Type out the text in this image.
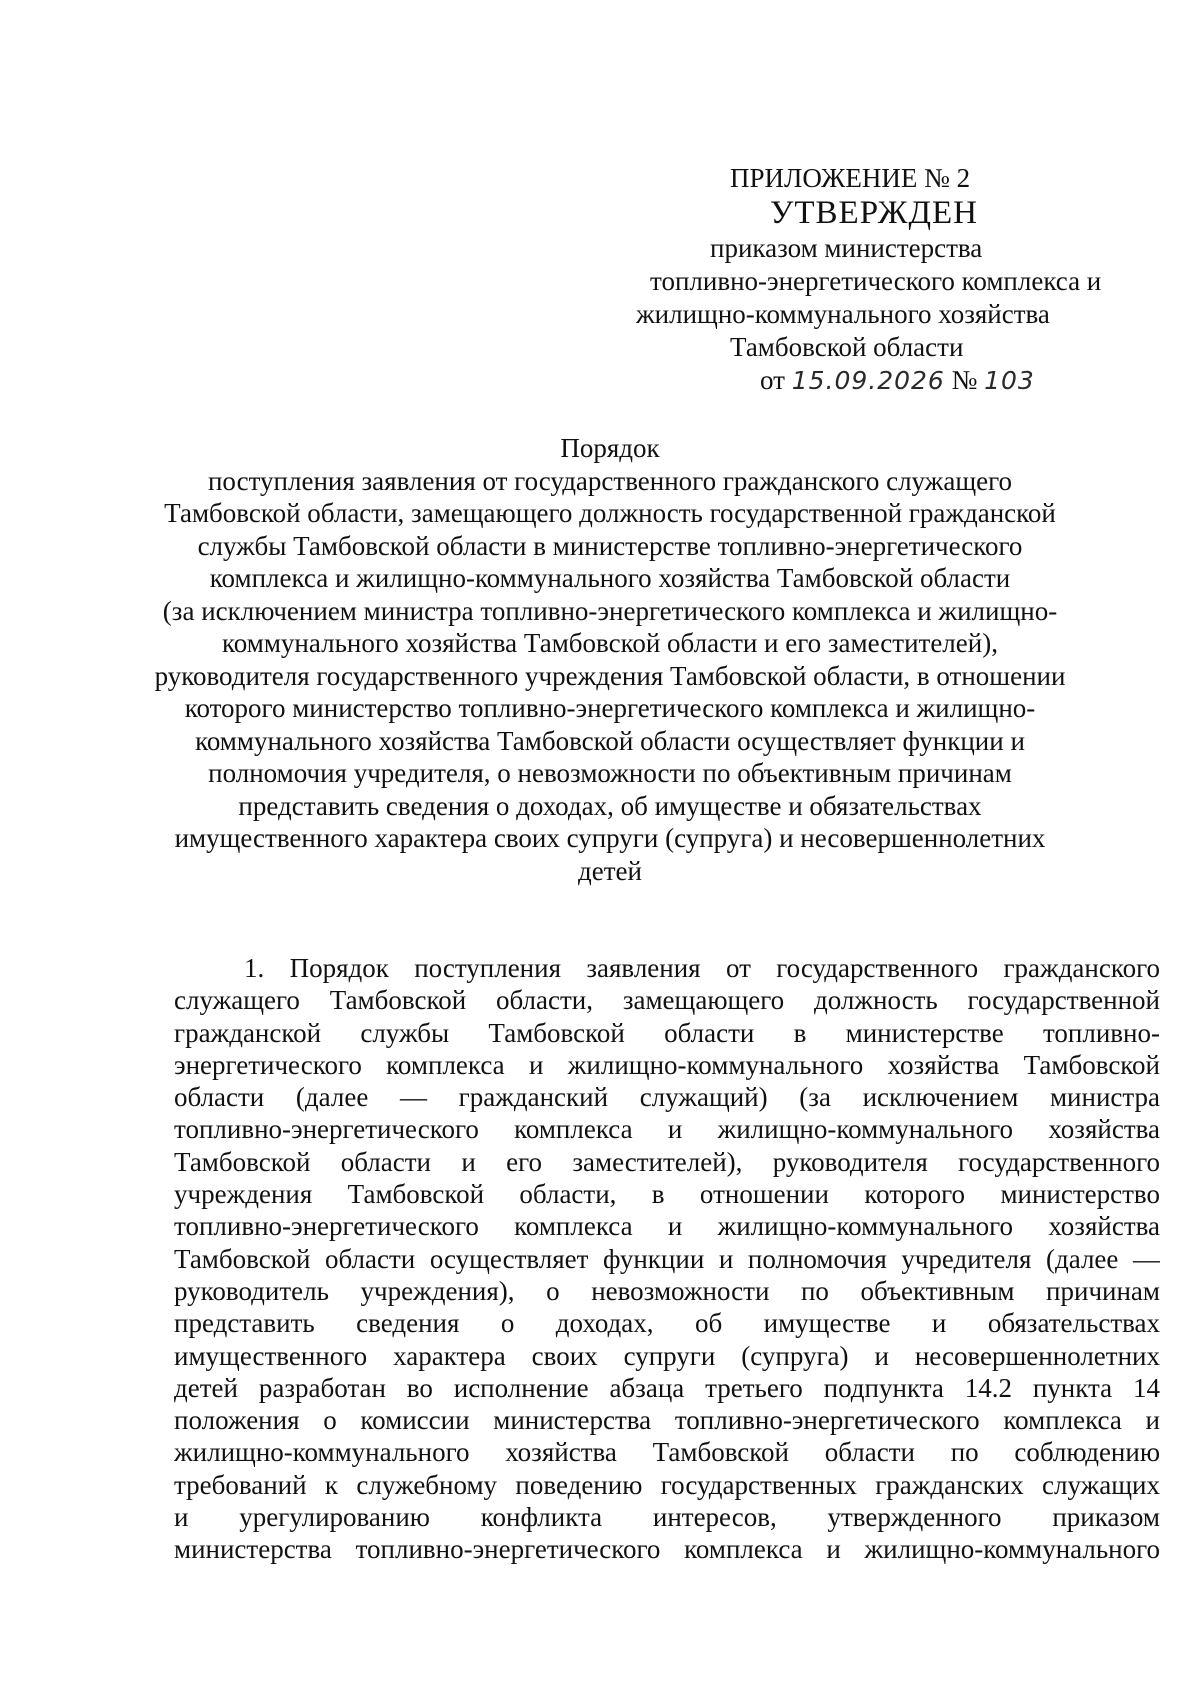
ПРИЛОЖЕНИЕ № 2
УТВЕРЖДЕН
приказом министерства
топливно-энергетического комплекса и
жилищно-коммунального хозяйства
Тамбовской области
от 15.09.2026 № 103
Порядок
поступления заявления от государственного гражданского служащего
Тамбовской области, замещающего должность государственной гражданской
службы Тамбовской области в министерстве топливно-энергетического
комплекса и жилищно-коммунального хозяйства Тамбовской области
(за исключением министра топливно-энергетического комплекса и жилищно-
коммунального хозяйства Тамбовской области и его заместителей),
руководителя государственного учреждения Тамбовской области, в отношении
которого министерство топливно-энергетического комплекса и жилищно-
коммунального хозяйства Тамбовской области осуществляет функции и
полномочия учредителя, о невозможности по объективным причинам
представить сведения о доходах, об имуществе и обязательствах
имущественного характера своих супруги (супруга) и несовершеннолетних
детей
1. Порядок поступления заявления от государственного гражданского
служащего Тамбовской области, замещающего должность государственной
гражданской службы Тамбовской области в министерстве топливно-
энергетического комплекса и жилищно-коммунального хозяйства Тамбовской
области (далее — гражданский служащий) (за исключением министра
топливно-энергетического комплекса и жилищно-коммунального хозяйства
Тамбовской области и его заместителей), руководителя государственного
учреждения Тамбовской области, в отношении которого министерство
топливно-энергетического комплекса и жилищно-коммунального хозяйства
Тамбовской области осуществляет функции и полномочия учредителя (далее —
руководитель учреждения), о невозможности по объективным причинам
представить сведения о доходах, об имуществе и обязательствах
имущественного характера своих супруги (супруга) и несовершеннолетних
детей разработан во исполнение абзаца третьего подпункта 14.2 пункта 14
положения о комиссии министерства топливно-энергетического комплекса и
жилищно-коммунального хозяйства Тамбовской области по соблюдению
требований к служебному поведению государственных гражданских служащих
и урегулированию конфликта интересов, утвержденного приказом
министерства топливно-энергетического комплекса и жилищно-коммунального
